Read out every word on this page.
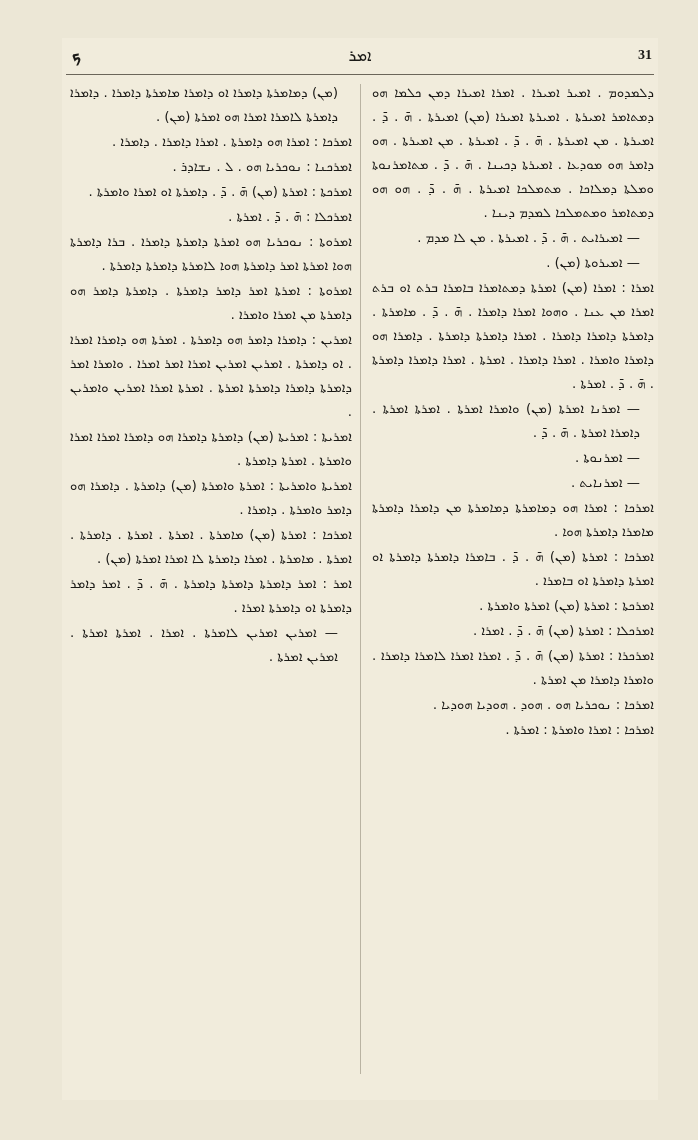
ܟ	ܐܡܪ	31

ܕܠܡܕܘܡ . ܐܡܝܪ ܐܡܝܪܐ . ܐܡܪܐ ܐܡܝܪܐ ܕܡܢ ܟܠܡܐ ܗܘ ܕܡܬܐܡܪ ܐܡܝܪܬܐ . ܐܡܝܪܬܐ ܐܡܝܪܐ (ܡܢ) ܐܡܝܪܬܐ . ܗ̄ . ܕ̄ . ܐܡܝܪܬܐ . ܡܢ ܐܡܝܪܬܐ . ܗ̄ . ܕ̄ . ܐܡܝܪܬܐ . ܡܢ ܐܡܝܪܬܐ . ܗܘ ܕܐܡܪ ܗܘ ܡܘܕܥܐ . ܐܡܝܪܬܐ ܕܟܝܢܐ . ܗ̄ . ܕ̄ . ܡܬܐܡܪܢܘܬܐ ܘܡܠܬܐ ܕܡܠܐܟܐ . ܡܬܡܠܟܐ ܐܡܝܪܬܐ . ܗ̄ . ܕ̄ . ܗܘ ܗܘ ܕܡܬܐܡܪ ܘܡܬܡܠܟܐ ܠܡܕܡ ܕܝܢܐ .

— ܐܡܝܪܐܝܬ . ܗ̄ . ܕ̄ . ܐܡܝܪܬܐ . ܡܢ ܠܐ ܡܕܡ .

— ܐܡܝܪܘܬܐ (ܡܢ) .

ܐܡܪܐ : ܐܡܪܐ (ܡܢ) ܐܡܪܬܐ ܕܡܬܐܡܪܐ ܒܐܡܪܐ ܒܪܬ ܐܘ ܒܪܬ ܐܡܪܐ ܡܢ ܥܢܐ . ܘܗܘܐ ܐܡܪܐ ܕܐܡܪܐ . ܗ̄ . ܕ̄ . ܡܐܡܪܬܐ . ܕܐܡܪܬܐ ܕܐܡܪܐ ܕܐܡܪܐ . ܐܡܪܐ ܕܐܡܪܬܐ ܕܐܡܪܬܐ . ܕܐܡܪܐ ܗܘ ܕܐܡܪܐ ܘܐܡܪܐ . ܐܡܪܐ ܕܐܡܪܐ . ܐܡܪܬܐ . ܐܡܪܐ ܕܐܡܪܐ ܕܐܡܪܬܐ . ܗ̄ . ܕ̄ . ܐܡܪܬܐ .

— ܐܡܪܢܐ ܐܡܪܬܐ (ܡܢ) ܘܐܡܪܐ ܐܡܪܬܐ . ܐܡܪܬܐ ܐܡܪܬܐ . ܕܐܡܪܐ ܐܡܪܬܐ . ܗ̄ . ܕ̄ .

— ܐܡܪܢܘܬܐ .

— ܐܡܪܢܐܝܬ .

ܐܡܪܟܐ : ܐܡܪܐ ܗܘ ܕܡܐܡܪܬܐ ܕܡܐܡܪܬܐ ܡܢ ܕܐܡܪܐ ܕܐܡܪܬܐ ܡܐܡܪܐ ܕܐܡܪܬܐ ܗܘܐ .

ܐܡܪܟܐ : ܐܡܪܬܐ (ܡܢ) ܗ̄ . ܕ̄ . ܒܐܡܪܐ ܕܐܡܪܬܐ ܕܐܡܪܬܐ ܐܘ ܐܡܪܬܐ ܕܐܡܪܬܐ ܐܘ ܒܐܡܪܐ .

ܐܡܪܟܬܐ : ܐܡܪܬܐ (ܡܢ) ܐܡܪܬܐ ܘܐܡܪܬܐ .

ܐܡܪܟܠܐ : ܐܡܪܬܐ (ܡܢ) ܗ̄ . ܕ̄ . ܐܡܪܐ .

ܐܡܪܟܪܐ : ܐܡܪܬܐ (ܡܢ) ܗ̄ . ܕ̄ . ܐܡܪܐ ܐܡܪܐ ܠܐܡܪܐ ܕܐܡܪܐ . ܘܐܡܪܐ ܕܐܡܪܐ ܡܢ ܐܡܪܬܐ .

ܐܡܪܟܐ : ܢܘܟܪܝܐ ܗܘ . ܗܘܕ . ܗܘܕܝܐ ܗܘܕܝܐ .

ܐܡܪܟܐ : ܐܡܪܐ ܘܐܡܪܬܐ : ܐܡܪܬܐ .

(ܡܢ) ܕܡܐܡܪܬܐ ܕܐܡܪܐ ܐܘ ܕܐܡܪܐ ܡܐܡܪܬܐ ܕܐܡܪܐ . ܕܐܡܪܐ ܕܐܡܪܬܐ ܠܐܡܪܐ ܐܡܪܐ ܗܘ ܐܡܪܬܐ (ܡܢ) .

ܐܡܪܟܐ : ܐܡܪܐ ܗܘ ܕܐܡܪܬܐ . ܐܡܪܐ ܕܐܡܪܐ . ܕܐܡܪܐ .

ܐܡܪܟܢܐ : ܢܘܟܪܝܐ ܗܘ . ܠ . ܢܫܐܕܪ .

ܐܡܪܟܬܐ : ܐܡܪܬܐ (ܡܢ) ܗ̄ . ܕ̄ . ܕܐܡܪܬܐ ܐܘ ܐܡܪܐ ܘܐܡܪܬܐ .

ܐܡܪܟܠܐ : ܗ̄ . ܕ̄ . ܐܡܪܬܐ .

ܐܡܪܘܬܐ : ܢܘܟܪܝܐ ܗܘ ܐܡܪܬܐ ܕܐܡܪܬܐ ܕܐܡܪܐ . ܒܪܐ ܕܐܡܪܬܐ ܗܘܐ ܐܡܪܬܐ ܐܡܪ ܕܐܡܪܬܐ ܗܘܐ ܠܐܡܪܬܐ ܕܐܡܪܬܐ ܕܐܡܪܬܐ .

ܐܡܪܘܬܐ : ܐܡܪܬܐ ܐܡܪ ܕܐܡܪ ܕܐܡܪܬܐ . ܕܐܡܪܬܐ ܕܐܡܪ ܗܘ ܕܐܡܪܬܐ ܡܢ ܐܡܪܐ ܘܐܡܪܐ .

ܐܡܪܝܢ : ܕܐܡܪܐ ܕܐܡܪ ܗܘ ܕܐܡܪܬܐ . ܐܡܪܬܐ ܗܘ ܕܐܡܪܐ ܐܡܪܐ . ܐܘ ܕܐܡܪܬܐ . ܐܡܪܝܢ ܐܡܪܝܢ ܐܡܪܐ ܐܡܪ ܐܡܪܐ . ܘܐܡܪܐ ܐܡܪ ܕܐܡܪܬܐ ܕܐܡܪܐ ܕܐܡܪܬܐ ܐܡܪܬܐ . ܐܡܪܬܐ ܐܡܪܐ ܐܡܪܝܢ ܘܐܡܪܝܢ .

ܐܡܪܝܬܐ : ܐܡܪܝܬܐ (ܡܢ) ܕܐܡܪܬܐ ܕܐܡܪܐ ܗܘ ܕܐܡܪܐ ܐܡܪܐ ܐܡܪܐ ܘܐܡܪܬܐ . ܐܡܪܬܐ ܕܐܡܪܬܐ .

ܐܡܪܝܬܐ ܘܐܡܪܝܬܐ : ܐܡܪܬܐ ܘܐܡܪܬܐ (ܡܢ) ܕܐܡܪܬܐ . ܕܐܡܪܐ ܗܘ ܕܐܡܪ ܘܐܡܪܬܐ . ܕܐܡܪܐ .

ܐܡܪܟܐ : ܐܡܪܬܐ (ܡܢ) ܡܐܡܪܬܐ . ܐܡܪܬܐ . ܐܡܪܬܐ . ܕܐܡܪܬܐ . ܐܡܪܬܐ . ܡܐܡܪܬܐ . ܐܡܪܐ ܕܐܡܪܬܐ ܠܐ ܐܡܪܐ ܐܡܪܬܐ (ܡܢ) .

ܐܡܪ : ܐܡܪ ܕܐܡܪܬܐ ܕܐܡܪܬܐ ܕܐܡܪܬܐ . ܗ̄ . ܕ̄ . ܐܡܪ ܕܐܡܪ ܕܐܡܪܬܐ ܐܘ ܕܐܡܪܬܐ ܐܡܪܐ .

— ܐܡܪܝܢ ܐܡܪܝܢ ܠܐܡܪܬܐ . ܐܡܪܐ . ܐܡܪܬܐ ܐܡܪܬܐ . ܐܡܪܝܢ ܐܡܪܬܐ .
